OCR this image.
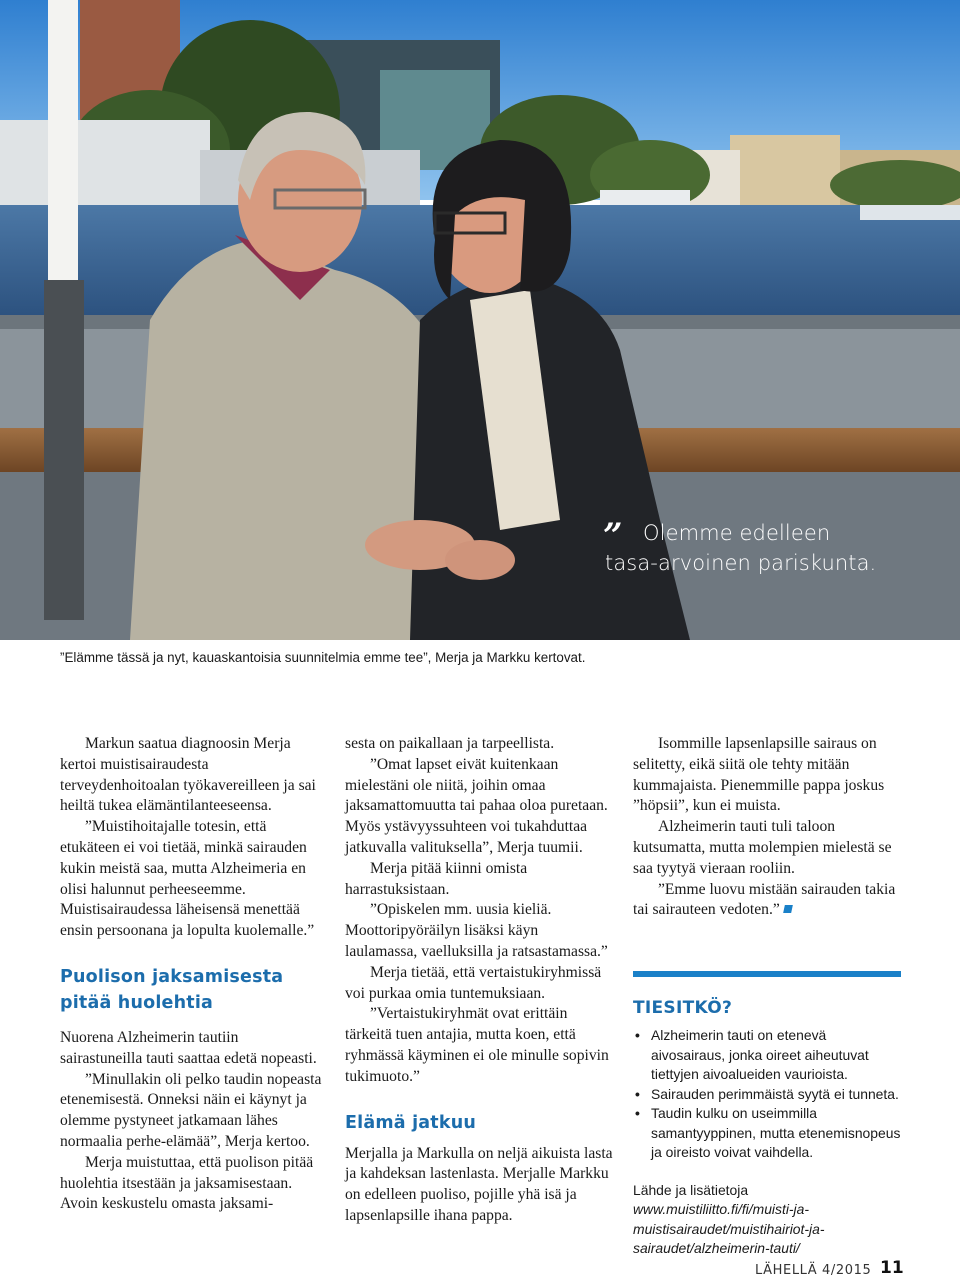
” Olemme edelleen
tasa-arvoinen pariskunta.
”Elämme tässä ja nyt, kauaskantoisia suunnitelmia emme tee”, Merja ja Markku kertovat.

Markun saatua diagnoosin Merja kertoi muistisairaudesta terveydenhoitoalan työkavereilleen ja sai heiltä tukea elämäntilanteeseensa.

”Muistihoitajalle totesin, että etukäteen ei voi tietää, minkä sairauden kukin meistä saa, mutta Alzheimeria en olisi halunnut perheeseemme. Muistisairaudessa läheisensä menettää ensin persoonana ja lopulta kuolemalle.”

Puolison jaksamisesta pitää huolehtia

Nuorena Alzheimerin tautiin sairastuneilla tauti saattaa edetä nopeasti.

”Minullakin oli pelko taudin nopeasta etenemisestä. Onneksi näin ei käynyt ja olemme pystyneet jatkamaan lähes normaalia perhe-elämää”, Merja kertoo.

Merja muistuttaa, että puolison pitää huolehtia itsestään ja jaksamisestaan. Avoin keskustelu omasta jaksami-

sesta on paikallaan ja tarpeellista.

”Omat lapset eivät kuitenkaan mielestäni ole niitä, joihin omaa jaksamattomuutta tai pahaa oloa puretaan. Myös ystävyyssuhteen voi tukahduttaa jatkuvalla valituksella”, Merja tuumii.

Merja pitää kiinni omista harrastuksistaan.

”Opiskelen mm. uusia kieliä. Moottoripyöräilyn lisäksi käyn laulamassa, vaelluksilla ja ratsastamassa.”

Merja tietää, että vertaistukiryhmissä voi purkaa omia tuntemuksiaan.

”Vertaistukiryhmät ovat erittäin tärkeitä tuen antajia, mutta koen, että ryhmässä käyminen ei ole minulle sopivin tukimuoto.”

Elämä jatkuu

Merjalla ja Markulla on neljä aikuista lasta ja kahdeksan lastenlasta. Merjalle Markku on edelleen puoliso, pojille yhä isä ja lapsenlapsille ihana pappa.

Isommille lapsenlapsille sairaus on selitetty, eikä siitä ole tehty mitään kummajaista. Pienemmille pappa joskus ”höpsii”, kun ei muista.

Alzheimerin tauti tuli taloon kutsumatta, mutta molempien mielestä se saa tyytyä vieraan rooliin.

”Emme luovu mistään sairauden takia tai sairauteen vedoten.”

TIESITKÖ?
• Alzheimerin tauti on etenevä aivosairaus, jonka oireet aiheutuvat tiettyjen aivoalueiden vaurioista.
• Sairauden perimmäistä syytä ei tunneta.
• Taudin kulku on useimmilla samantyyppinen, mutta etenemisnopeus ja oireisto voivat vaihdella.
Lähde ja lisätietoja www.muistiliitto.fi/fi/muisti-ja-muistisairaudet/muistihairiot-ja-sairaudet/alzheimerin-tauti/
LÄHELLÄ 4/2015 11
